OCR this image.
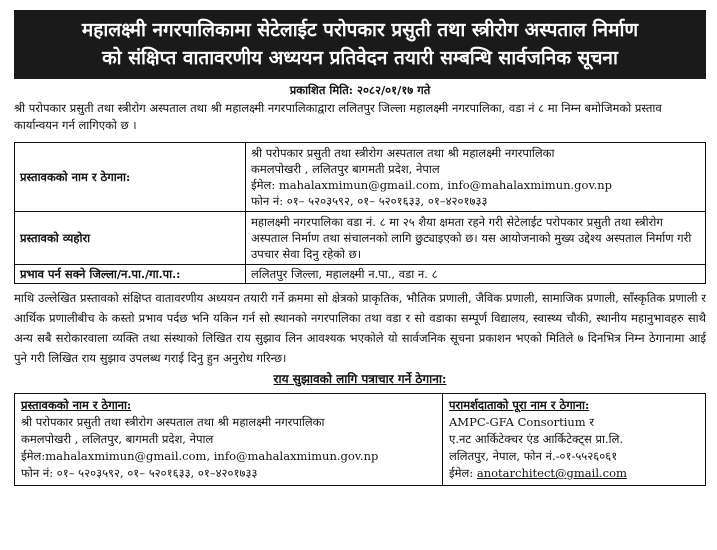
महालक्ष्मी नगरपालिकामा सेटेलाईट परोपकार प्रसुती तथा स्त्रीरोग अस्पताल निर्माण
को संक्षिप्त वातावरणीय अध्ययन प्रतिवेदन तयारी सम्बन्धि सार्वजनिक सूचना
प्रकाशित मिति: २०८२/०१/१७ गते
श्री परोपकार प्रसुती तथा स्त्रीरोग अस्पताल तथा श्री महालक्ष्मी नगरपालिकाद्वारा ललितपुर जिल्ला महालक्ष्मी नगरपालिका, वडा नं ८ मा निम्न बमोजिमको प्रस्ताव कार्यान्वयन गर्न लागिएको छ ।
प्रस्तावकको नाम र ठेगाना:	श्री परोपकार प्रसुती तथा स्त्रीरोग अस्पताल तथा श्री महालक्ष्मी नगरपालिका
कमलपोखरी , ललितपुर बागमती प्रदेश, नेपाल
ईमेल: mahalaxmimun@gmail.com, info@mahalaxmimun.gov.np
फोन नं: ०१– ५२०३५९२, ०१– ५२०१६३३, ०१–४२०१७३३

प्रस्तावको व्यहोरा	महालक्ष्मी नगरपालिका वडा नं. ८ मा २५ शैया क्षमता रहने गरी सेटेलाईट परोपकार प्रसुती तथा स्त्रीरोग अस्पताल निर्माण तथा संचालनको लागि छुट्याइएको छ। यस आयोजनाको मुख्य उद्देश्य अस्पताल निर्माण गरी उपचार सेवा दिनु रहेको छ।
प्रभाव पर्न सक्ने जिल्ला/न.पा./गा.पा.:	ललितपुर जिल्ला, महालक्ष्मी न.पा., वडा न. ८
माथि उल्लेखित प्रस्तावको संक्षिप्त वातावरणीय अध्ययन तयारी गर्ने क्रममा सो क्षेत्रको प्राकृतिक, भौतिक प्रणाली, जैविक प्रणाली, सामाजिक प्रणाली, साँस्कृतिक प्रणाली र आर्थिक प्रणालीबीच के कस्तो प्रभाव पर्दछ भनि यकिन गर्न सो स्थानको नगरपालिका तथा वडा र सो वडाका सम्पूर्ण विद्यालय, स्वास्थ्य चौकी, स्थानीय महानुभावहरु साथै अन्य सबै सरोकारवाला व्यक्ति तथा संस्थाको लिखित राय सुझाव लिन आवश्यक भएकोले यो सार्वजनिक सूचना प्रकाशन भएको मितिले ७ दिनभित्र निम्न ठेगानामा आई पुने गरी लिखित राय सुझाव उपलब्ध गराई दिनु हुन अनुरोध गरिन्छ।
राय सुझावको लागि पत्राचार गर्ने ठेगाना:
प्रस्तावकको नाम र ठेगाना:
श्री परोपकार प्रसुती तथा स्त्रीरोग अस्पताल तथा श्री महालक्ष्मी नगरपालिका
कमलपोखरी , ललितपुर, बागमती प्रदेश, नेपाल
ईमेल:mahalaxmimun@gmail.com, info@mahalaxmimun.gov.np
फोन नं: ०१– ५२०३५९२, ०१– ५२०१६३३, ०१–४२०१७३३

परामर्शदाताको पूरा नाम र ठेगाना:
AMPC-GFA Consortium र
ए.नट आर्किटेक्चर एंड आर्किटेक्ट्स प्रा.लि.
ललितपुर, नेपाल, फोन नं.-०१-५५२६०६१
ईमेल: anotarchitect@gmail.com
